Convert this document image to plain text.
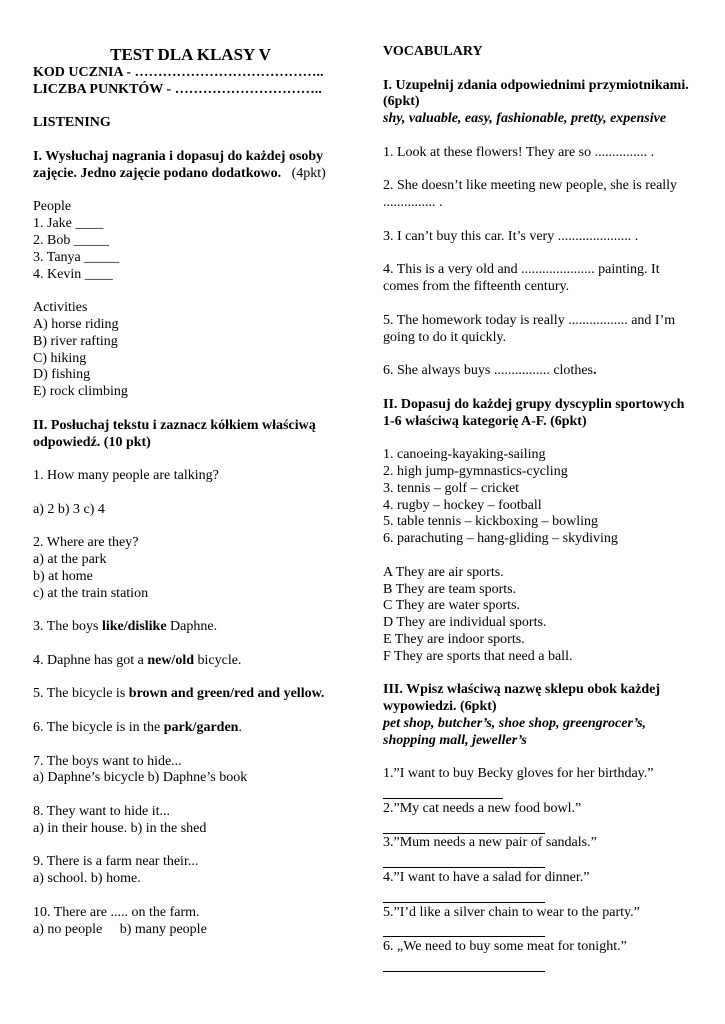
TEST DLA KLASY V

KOD UCZNIA - …………………………………..

LICZBA PUNKTÓW - …………………………..

LISTENING

I. Wysłuchaj nagrania i dopasuj do każdej osoby zajęcie. Jedno zajęcie podano dodatkowo. (4pkt)

People

1. Jake ____

2. Bob _____

3. Tanya _____

4. Kevin ____

Activities

A) horse riding

B) river rafting

C) hiking

D) fishing

E) rock climbing

II. Posłuchaj tekstu i zaznacz kółkiem właściwą odpowiedź. (10 pkt)

1. How many people are talking?

a) 2 b) 3 c) 4

2. Where are they?

a) at the park

b) at home

c) at the train station

3. The boys like/dislike Daphne.

4. Daphne has got a new/old bicycle.

5. The bicycle is brown and green/red and yellow.

6. The bicycle is in the park/garden.

7. The boys want to hide...

a) Daphne’s bicycle b) Daphne’s book

8. They want to hide it...

a) in their house. b) in the shed

9. There is a farm near their...

a) school. b) home.

10. There are ..... on the farm.

a) no people     b) many people

VOCABULARY

I. Uzupełnij zdania odpowiednimi przymiotnikami. (6pkt)

shy, valuable, easy, fashionable, pretty, expensive

1. Look at these flowers! They are so ............... .

2. She doesn’t like meeting new people, she is really ............... .

3. I can’t buy this car. It’s very ..................... .

4. This is a very old and ..................... painting. It comes from the fifteenth century.

5. The homework today is really ................. and I’m going to do it quickly.

6. She always buys ................ clothes.

II. Dopasuj do każdej grupy dyscyplin sportowych 1-6 właściwą kategorię A-F. (6pkt)

1. canoeing-kayaking-sailing

2. high jump-gymnastics-cycling

3. tennis – golf – cricket

4. rugby – hockey – football

5. table tennis – kickboxing – bowling

6. parachuting – hang-gliding – skydiving

A They are air sports.

B They are team sports.

C They are water sports.

D They are individual sports.

E They are indoor sports.

F They are sports that need a ball.

III. Wpisz właściwą nazwę sklepu obok każdej wypowiedzi. (6pkt)

pet shop, butcher’s, shoe shop, greengrocer’s, shopping mall, jeweller’s

1.”I want to buy Becky gloves for her birthday.”

2.”My cat needs a new food bowl.”

3.”Mum needs a new pair of sandals.”

4.”I want to have a salad for dinner.”

5.”I’d like a silver chain to wear to the party.”

6. „We need to buy some meat for tonight.”
